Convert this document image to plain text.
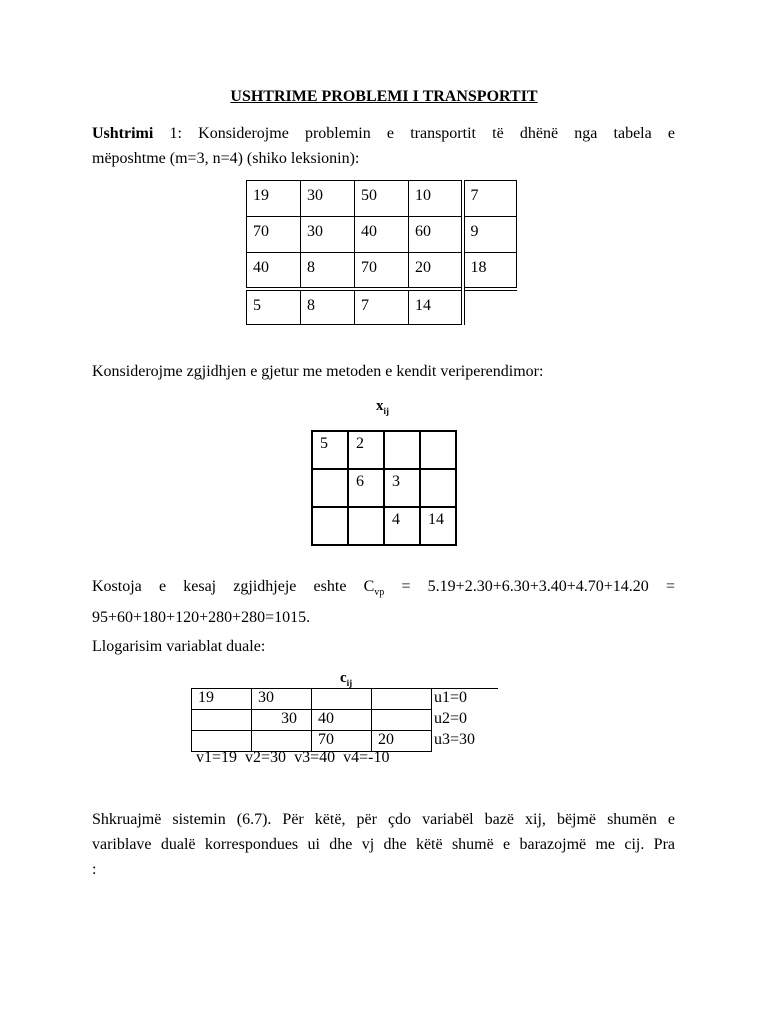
USHTRIME PROBLEMI I TRANSPORTIT
Ushtrimi 1: Konsiderojme problemin e transportit të dhënë nga tabela e
mëposhtme (m=3, n=4) (shiko leksionin):
19	30	50	10	7
70	30	40	60	9
40	8	70	20	18
5	8	7	14	
Konsiderojme zgjidhjen e gjetur me metoden e kendit veriperendimor:
$x_{ij}$
5	2		
	6	3	
		4	14
Kostoja e kesaj zgjidhjeje eshte $C_{vp} = 5.19+2.30+6.30+3.40+4.70+14.20$ =
95+60+180+120+280+280=1015.
Llogarisim variablat duale:
$c_{ij}$
19	30			u1=0
	30	40		u2=0
		70	20	u3=30
v1=19 v2=30 v3=40 v4=-10
Shkruajmë sistemin (6.7). Për këtë, për çdo variabël bazë xij, bëjmë shumën e
variblave dualë korrespondues ui dhe vj dhe këtë shumë e barazojmë me cij. Pra
:
